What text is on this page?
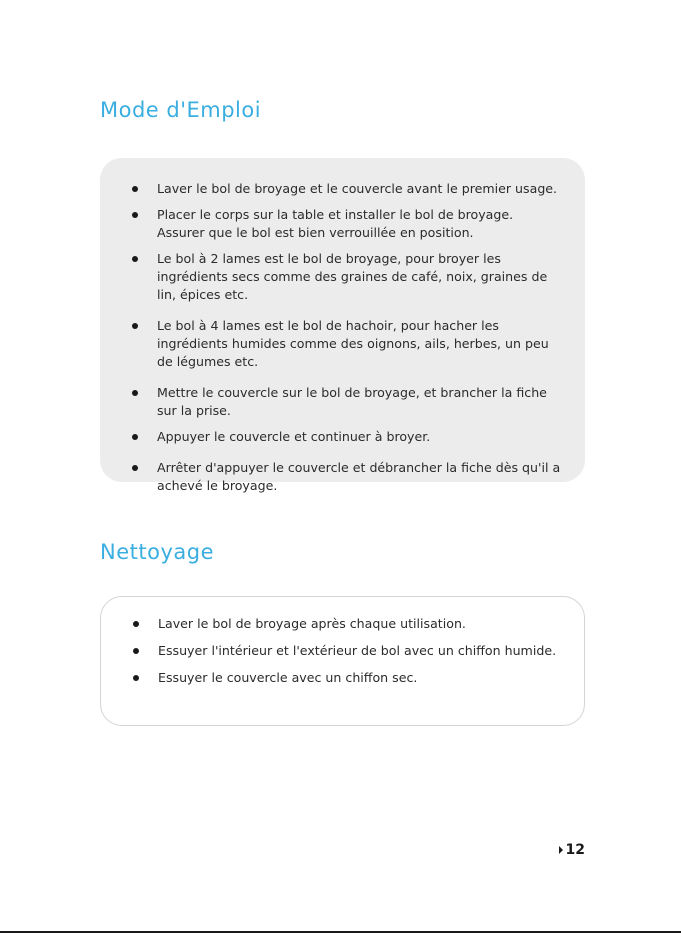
Mode d'Emploi
Laver le bol de broyage et le couvercle avant le premier usage.
Placer le corps sur la table et installer le bol de broyage. Assurer que le bol est bien verrouillée en position.
Le bol à 2 lames est le bol de broyage, pour broyer les ingrédients secs comme des graines de café, noix, graines de lin, épices etc.
Le bol à 4 lames est le bol de hachoir, pour hacher les ingrédients humides comme des oignons, ails, herbes, un peu de légumes etc.
Mettre le couvercle sur le bol de broyage, et brancher la fiche sur la prise.
Appuyer le couvercle et continuer à broyer.
Arrêter d'appuyer le couvercle et débrancher la fiche dès qu'il a achevé le broyage.
Nettoyage
Laver le bol de broyage après chaque utilisation.
Essuyer l'intérieur et l'extérieur de bol avec un chiffon humide.
Essuyer le couvercle avec un chiffon sec.
12
